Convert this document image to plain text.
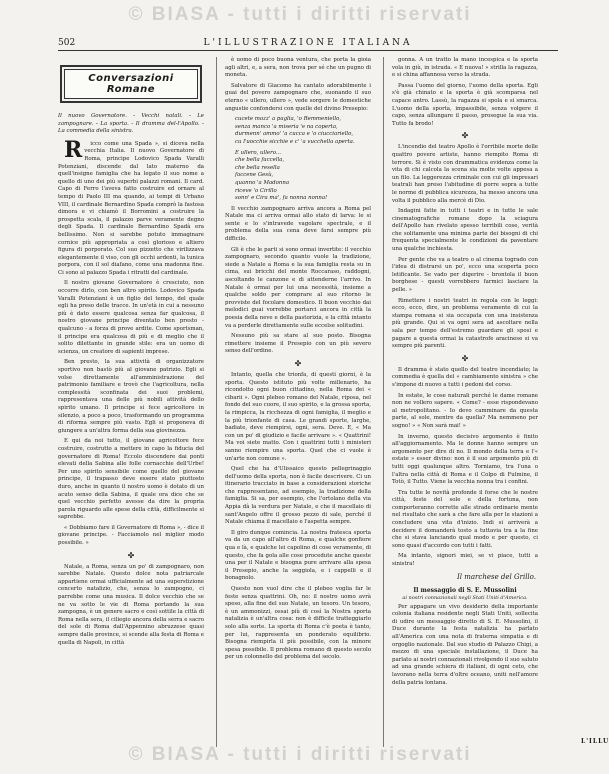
© BIASA - tutti i diritti riservati
502	L'ILLUSTRAZIONE ITALIANA
Conversazioni Romane

Il nuovo Governatore. - Vecchi natali. - Le zampognare. - La sporta. - Il dramma del-l'Apollo. - La commedia della sinistra.

R icco come una Spada », si diceva nella vecchia Italia. Il nuovo Governatore di Roma, principe Lodovico Spada Varalli Potenziani, discende dal lato materno da quell'insigne famiglia che ha legato il suo nome a quello di uno dei più superbi palazzi romani. Il card. Capo di Ferro l'aveva fatto costruire ed ornare al tempo di Paolo III ma quando, ai tempi di Urbano VIII, il cardinale Bernardino Spada comprò la fastosa dimora e vi chiamò il Borromini a costruire la prospetta scala, il palazzo parve veramente degno degli Spada. Il cardinale Bernardino Spadà era bellissimo. Non si sarebbe potuto immaginare cornice più appropriata a così glorioso e altiero figura di porporato. Col suo pizzetto che virilizzava elegantemente il viso, con gli occhi ardenti, la tunica porpora, con il sol diafano, come una madonna fine. Ci sono al palazzo Spada i ritratti del cardinale.

Il nostro giovane Governatore è cresciuto, non occorre dirlo, con ben altro spirito. Lodovico Spada Varalli Potenziani è un figlio del tempo, del quale egli ha preso delle tracce. In un'età in cui a nessuno più è dato essere qualcosa senza far qualcosa, il nostro giovane principe diventato ben presto - qualcuno - a forza di prove ardite. Come sportsman, il principe era qualcosa di più e di meglio che il solito dilettante in grande stile: era un uomo di scienza, un creatore di sapienti imprese.

Ben presto, la sua attività di organizzatore sportivo non bastò più al giovane patrizio. Egli si volse direttamente all'amministrazione del patrimonio familiare e trovò che l'agricoltura, nella complessità sconfinata dei suoi problemi, rappresentava una delle più nobili attività dello spirito umano. Il principe si fece agricoltore in silenzio, a poco a poco, trasformando un programma di riforma sempre più vasto. Egli si proponeva di giungere a un'altra forma della sua giovinezza.

E qui da noi tutto, il giovane agricoltore fece costruire, costrutto a mettere in capo la fiducia del governatore di Roma! Eccolo discendere dai ponti elevati della Sabina alle folle cornacchie dell'Urbe! Per uno spirito sensibile come quello del giovane principe, il trapasso deve essere stato piuttosto duro, anche in quanto il nostro uomo è dotato di un acuto senso della Sabina, il quale ora dice che se quel vecchio perfetto avesse da dire la propria parola riguardo alle spese della città, difficilmente si saprebbe.

« Dobbiamo fare il Governatore di Roma », - dice il giovane principe. - Facciamolo nel miglior modo possibile. »

✤

Natale, a Roma, senza un po' di zampognaro, non sarebbe Natale. Questo dolce nota patriarcale appartiene ormai ufficialmente ad una superstizione cencerto natalizio, che, senza lo zampogno, ci parrebbe come una musica. Il dolce vecchio che se ne va sotto le vie di Roma portando la sua zampogna, è un genere sacro e così sottile la città di Roma nella sera, il ciliegio ancora della serra e sacro del sole di Roma dall'Appennino abruzzese quasi sempre dalle province, si scende alla festa di Roma e quella di Napoli, in città

è uomo di poco buona ventura, che porta la gioia agli altri, e, a sera, non trova per sé che un pugno di moneta.

Salvatore di Giacomo ha cantato adorabilmente i guai del povero zampognaro che, suonando il suo eterno « ullero, ullero », vede sorgere le domestiche angustie confondersi con quelle del divino Presepio:

cucete mozz' a paglia, 'o Remmeniello,
senza manco 'a miseria 'e na coperta,
durmenn' ammo' 'a cucca e 'o ciucciariello,
cu l'uocchie sicchie e c' 'a vucchella aperta.

E ullero, ullero...
che bella faccella,
che bella resella
faccene Gesù,
quanno 'a Madonna
riceve 'o Cirillo
sonn' e Cira ma', fa nonna nonna!

Il vecchio zampognaro arriva ancora a Roma pel Natale ma ci arriva ormai allo stato di larva: le si sente e lo s'intravede vagolare spectrale, e il problema della sua cena deve farsi sempre più difficile.

Gli è che le parti si sono ormai invertite: il vecchio zampognaro, secondo quanto vuole la tradizione, siede a Natale a Roma e la sua famiglia resta su in cima, sui bricchi del monte Roccaraso, raddogni, ascoltando le canzone e di attenderne l'arrivo. In Natale è ormai per lui una necessità, insieme a qualche soldo per comprare al suo ritorno le provviste del focolare domestico. Il buon vecchio dai melodici guai vorrebbe portarci ancora in città la poesia della neve e della pastorizia, e la città intanto va a perderle direttamente sulle eccelse solitudini.

Nessuno più sa stare al suo posto. Bisogna rimettere insieme il Presepio con un più severo senso dell'ordine.

✤

Intanto, quella che trionfa, di questi giorni, è la sporta. Questo istituto più volte millenario, ha ricondotto ogni buon cittadino, nella Roma dei « cibarii ». Ogni plebeo romano del Natale, riposa, nel fondo del suo cuore, il suo spirito, e la grossa sporta, la rimpicca, la ricchezza di ogni famiglia, il meglio e la più trionfante di casa. Le grandi sporte, larghe, badiate, deve riempirsi, ogni, sera. Deve. E, « Ma con un po' di giudizio e facile arrivare ». « Quattrini! Ma voi siete matto. Con i quattrini tutti i ministeri sanno riempire una sporta. Quel che ci vuole è un'arte non comune ».

Quel che ha d'Ulissaico questo pellegrinaggio dell'uomo della sporta, non è facile descrivere. Ci un itinerario tracciato in base a considerazioni storiche che rappresentano, ad esempio, la tradizione della famiglia. Si sa, per esempio, che l'ortolano della via Appia dà la verdura per Natale, e che il macellaio di sant'Angelo offre il grosso pezzo di sale, perché il Natale chiama il macellaio e l'aspetta sempre.

Il giro dunque comincia. La nostra fratesca sporta va da un capo all'altro di Roma, e qualche gonfiore qua e là, e qualche lei capolino di cose veramente, di questo, che fa gola alle cose procedute anche queste una per il Natale e bisogna pure arrivare alla spesa il Presepio, anche la seggiola, e i cappelli e il bonagnolo.

Questo non vuol dire che il plebeo voglia far le feste senza quattrini. Oh, no: il nostro uomo avrà speso, alla fine del suo Natale, un tesoro. Un tesoro, è un ammonizzi, ossai più di così la Nostra sporta natalizia è un'altra cosa: non è difficile tratteggiarlo solo alla sorte. La sporta di Roma c'è poeta è tanto, per lui, rappresenta un ponderato equilibrio. Bisogna riempirla il più possibile, con la minore spesa possibile. Il problema romano di questo secolo per un colonnello del problema del secolo.

gonna. A un tratto la mano incespica e la sporta vola in giù, in istrada. « E nuova! » strilla la ragazza, e si china affannosa verso la strada.

Passa l'uomo del giorno, l'uomo della sporta. Egli s'è già chinato e la sporta è già scomparsa nel capace antro. Lassù, la ragazza si spola e si smarca. L'uomo della sporta, impassibile, senza volgere il capo, senza allungare il passo, prosegue la sua via. Tutto fa brodo!

✤

L'incendio del teatro Apollo è l'orribile morte delle quattro povere artiste, hanno riempito Roma di terrore. Si è visto con drammatica evidenza come la vita di chi calcola la scena sia molte volte appesa a un filo. La leggerezza criminale con cui gli impresari teatrali han preso l'abitudine di porre sopra a tutte le norme di pubblica sicurezza, ha messo ancora una volta il pubblico alla mercè di Dio.

Indagini fatte in tutti i teatri e in tutte le sale cinematografiche romane dopo la sciagura dell'Apollo han rivelato spesso terribili cose, verità che solitamente una minima parte dei bisogni di chi frequenta specialmente le condizioni da paventare una qualche inchiesta.

Per gente che va a teatro o al cinema togrado con l'idea di distrarsi un po', ecco una scoperta poco letificante. Se vado per digerire - brontola il buon borghese - questi vorrebbero farmici lasciare la pelle. »

Rimettere i nostri teatri in regola con le leggi: ecco, ecco, dire, un problema veramente di cui la stampa romana si sia occupata con una insistenza più grande. Qui si va ogni sera ad ascoltare nella sala per tempo dell'estremo guardare gli sposi e pagare a questa ormai la catastrofe aracinese si va sempre più parenti.

✤

Il dramma è stato quello del teatro incendiato; la commedia è quella del « cambiamento sinistra » che s'impone di nuovo a tutti i pedoni del corso.

In estate, le cose naturali perché le dame romane non ne vollero sapere. « Come? - esse rispondevano al metropolitano. - Io devo camminare da questa parte, al sole, mentre da quella? Ma nemmeno per sogno! » « Non sarà mai! »

In inverno, questo decisivo argomento è finito all'aggiornamento. Ma le donne hanno sempre un argomento per dire di no. Il mondo della terra e l'« estate » esser divino: non è il suo argomento più di tutti oggi qualunque altro. Torniamo, tra l'una o l'altra nella città di Roma e il Colpo di Fulmine, il Totò, il Tutto. Viene la vecchia nonna tra i confini.

Tra tutte le novità profonde il forse che le nostre città, feste del sole e della fortuna, non comporteranno corrette alle strade ordinarie mente nel risultato che sarà a che fare alla per le stazioni a concludere una vita d'inizio. Indi si arriverà a decidere il domanderà tosto a tuttavia tra a la fine che si stava lanciando qual modo e per questo, ci sono quasi d'accordo con tutti i fatti.

Ma intanto, signori miei, se vi piace, tutti a sinistra!

Il marchese del Grillo.
Il messaggio di S. E. Mussolini
ai nostri connazionali negli Stati Uniti d'America.

Per appagare un vivo desiderio della importante colonia italiana residente negli Stati Uniti, sollecita di udire un messaggio diretto di S. E. Mussolini, il Duce durante la festa natalizia ha parlato all'America con una nota di fraterna simpatia e di orgoglio nazionale. Dal suo studio di Palazzo Chigi, a mezzo di una speciale installazione, il Duce ha parlato ai nostri connazionali rivolgendo il suo saluto ad una grande schiera di italiani, di ogni ceto, che lavorano nella terra d'oltre oceano, uniti nell'amore della patria lontana.

L'ILLU
© BIASA - tutti i diritti riservati
